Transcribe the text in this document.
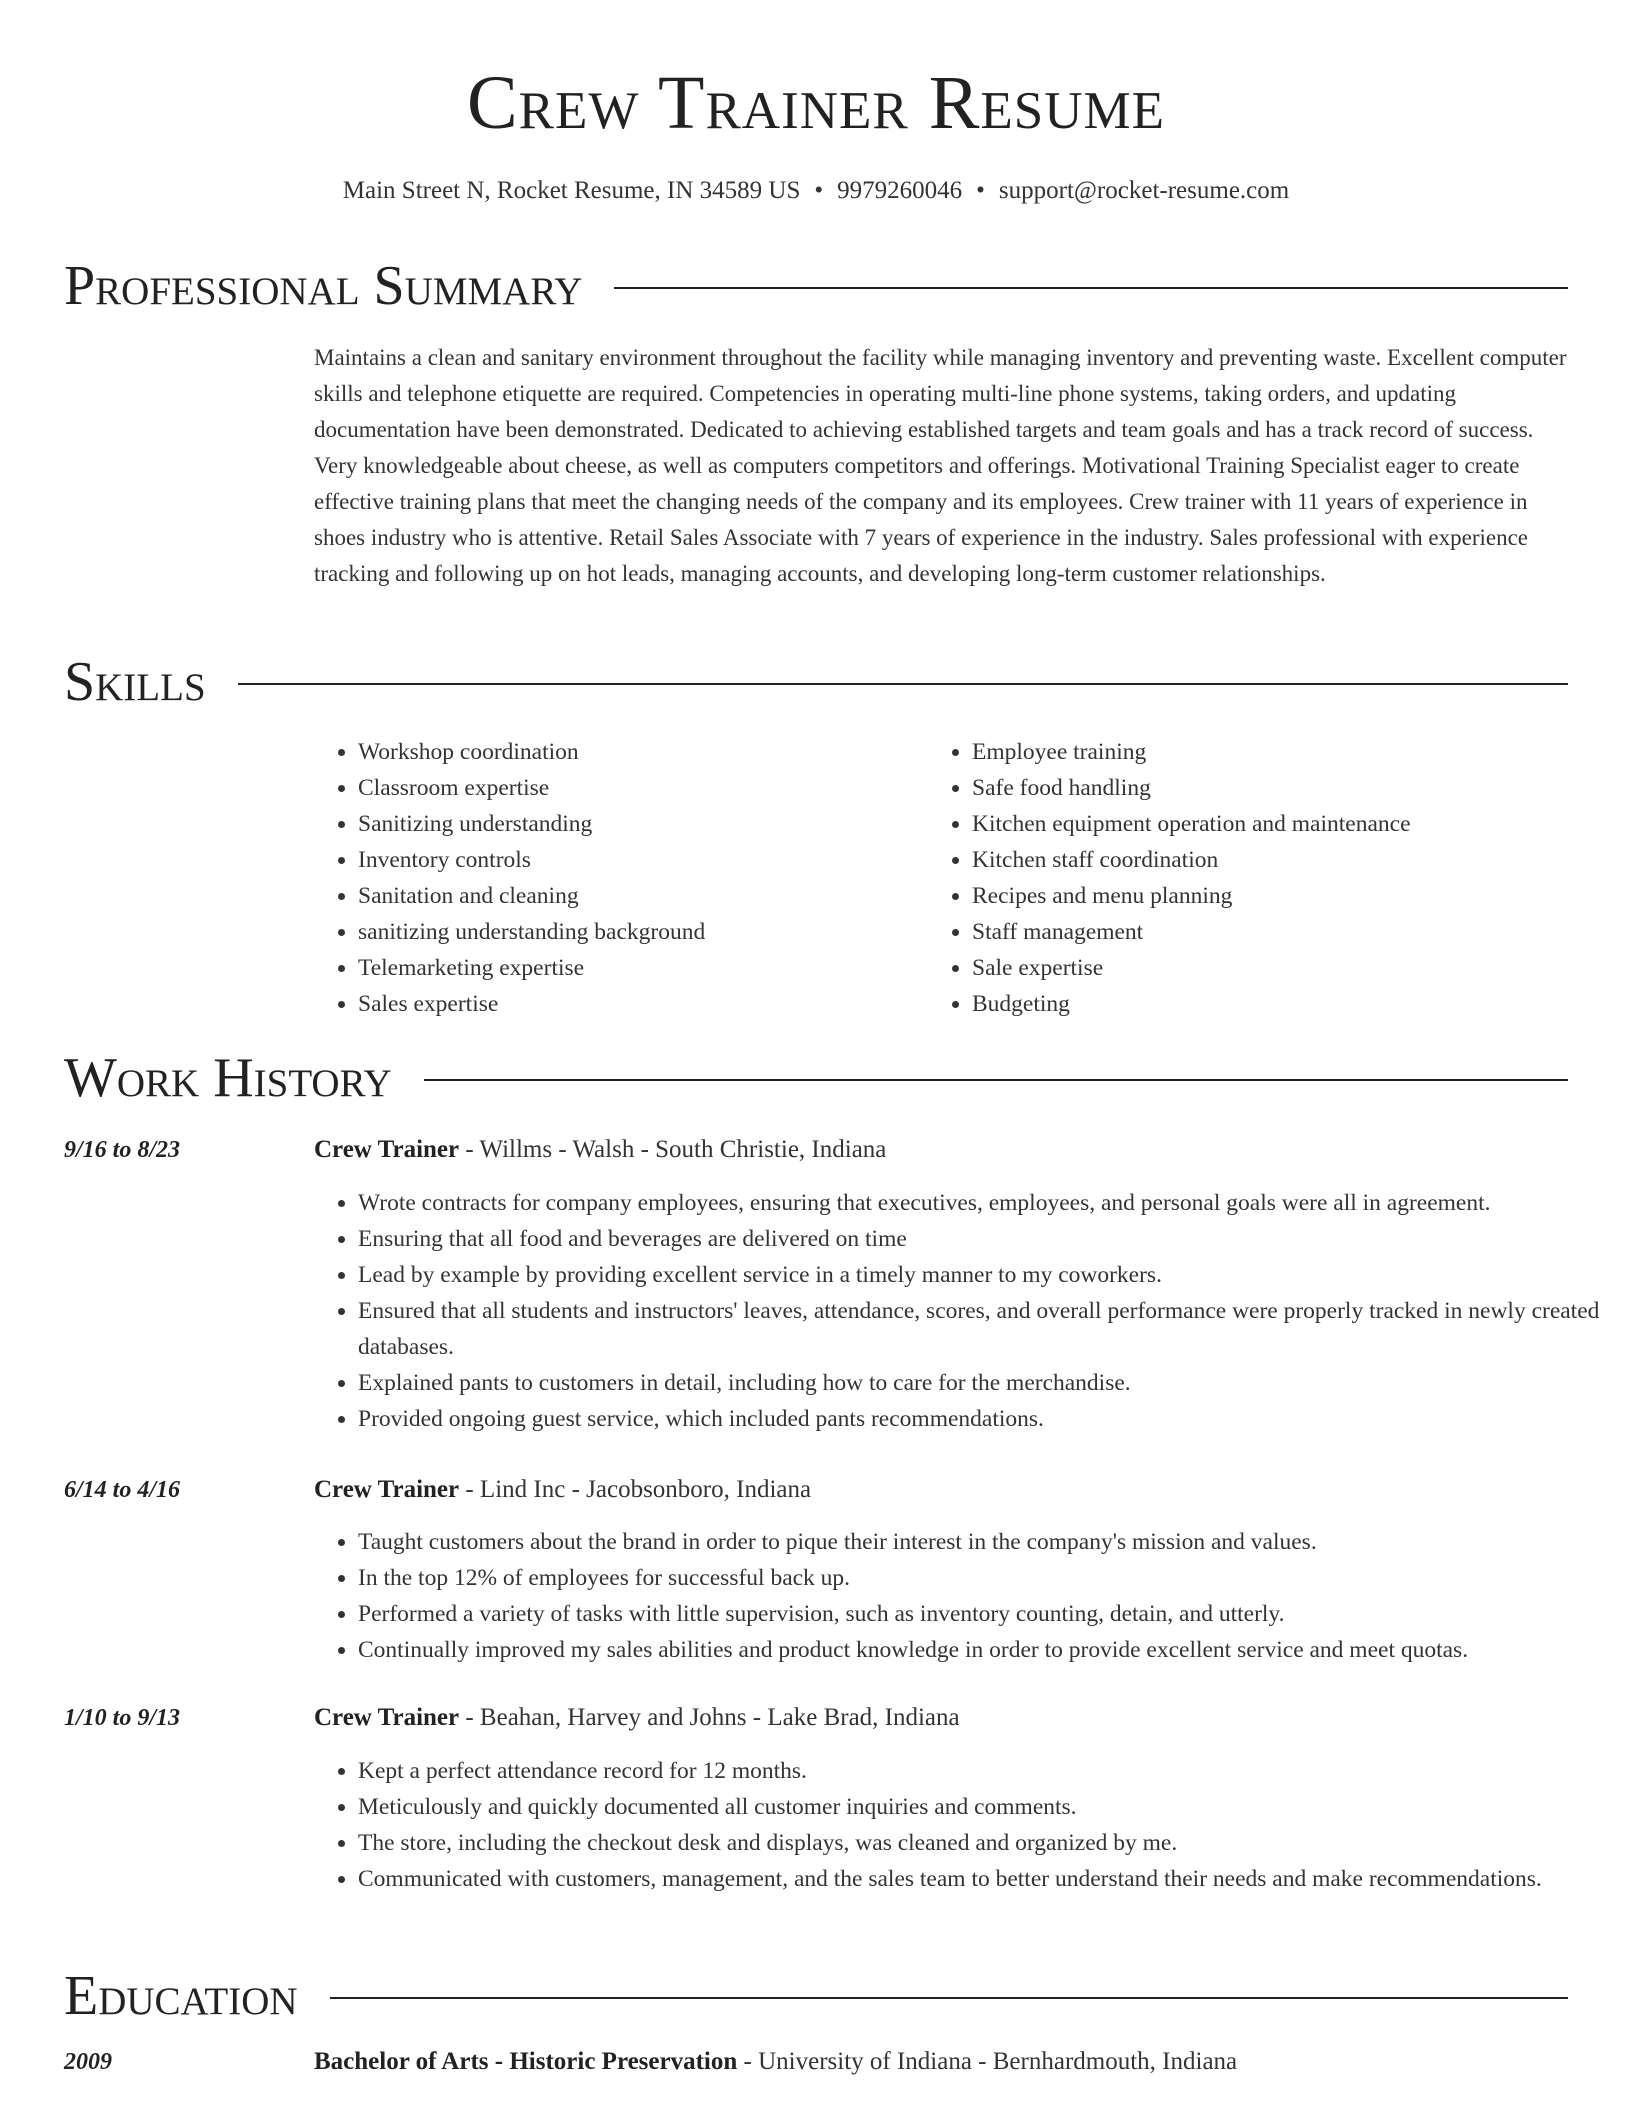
Crew Trainer Resume
Main Street N, Rocket Resume, IN 34589 US • 9979260046 • support@rocket-resume.com
Professional Summary
Maintains a clean and sanitary environment throughout the facility while managing inventory and preventing waste. Excellent computer skills and telephone etiquette are required. Competencies in operating multi-line phone systems, taking orders, and updating documentation have been demonstrated. Dedicated to achieving established targets and team goals and has a track record of success. Very knowledgeable about cheese, as well as computers competitors and offerings. Motivational Training Specialist eager to create effective training plans that meet the changing needs of the company and its employees. Crew trainer with 11 years of experience in shoes industry who is attentive. Retail Sales Associate with 7 years of experience in the industry. Sales professional with experience tracking and following up on hot leads, managing accounts, and developing long-term customer relationships.
Skills
• Workshop coordination
• Classroom expertise
• Sanitizing understanding
• Inventory controls
• Sanitation and cleaning
• sanitizing understanding background
• Telemarketing expertise
• Sales expertise
• Employee training
• Safe food handling
• Kitchen equipment operation and maintenance
• Kitchen staff coordination
• Recipes and menu planning
• Staff management
• Sale expertise
• Budgeting
Work History
9/16 to 8/23	Crew Trainer - Willms - Walsh - South Christie, Indiana
• Wrote contracts for company employees, ensuring that executives, employees, and personal goals were all in agreement.
• Ensuring that all food and beverages are delivered on time
• Lead by example by providing excellent service in a timely manner to my coworkers.
• Ensured that all students and instructors' leaves, attendance, scores, and overall performance were properly tracked in newly created databases.
• Explained pants to customers in detail, including how to care for the merchandise.
• Provided ongoing guest service, which included pants recommendations.
6/14 to 4/16	Crew Trainer - Lind Inc - Jacobsonboro, Indiana
• Taught customers about the brand in order to pique their interest in the company's mission and values.
• In the top 12% of employees for successful back up.
• Performed a variety of tasks with little supervision, such as inventory counting, detain, and utterly.
• Continually improved my sales abilities and product knowledge in order to provide excellent service and meet quotas.
1/10 to 9/13	Crew Trainer - Beahan, Harvey and Johns - Lake Brad, Indiana
• Kept a perfect attendance record for 12 months.
• Meticulously and quickly documented all customer inquiries and comments.
• The store, including the checkout desk and displays, was cleaned and organized by me.
• Communicated with customers, management, and the sales team to better understand their needs and make recommendations.
Education
2009	Bachelor of Arts - Historic Preservation - University of Indiana - Bernhardmouth, Indiana
